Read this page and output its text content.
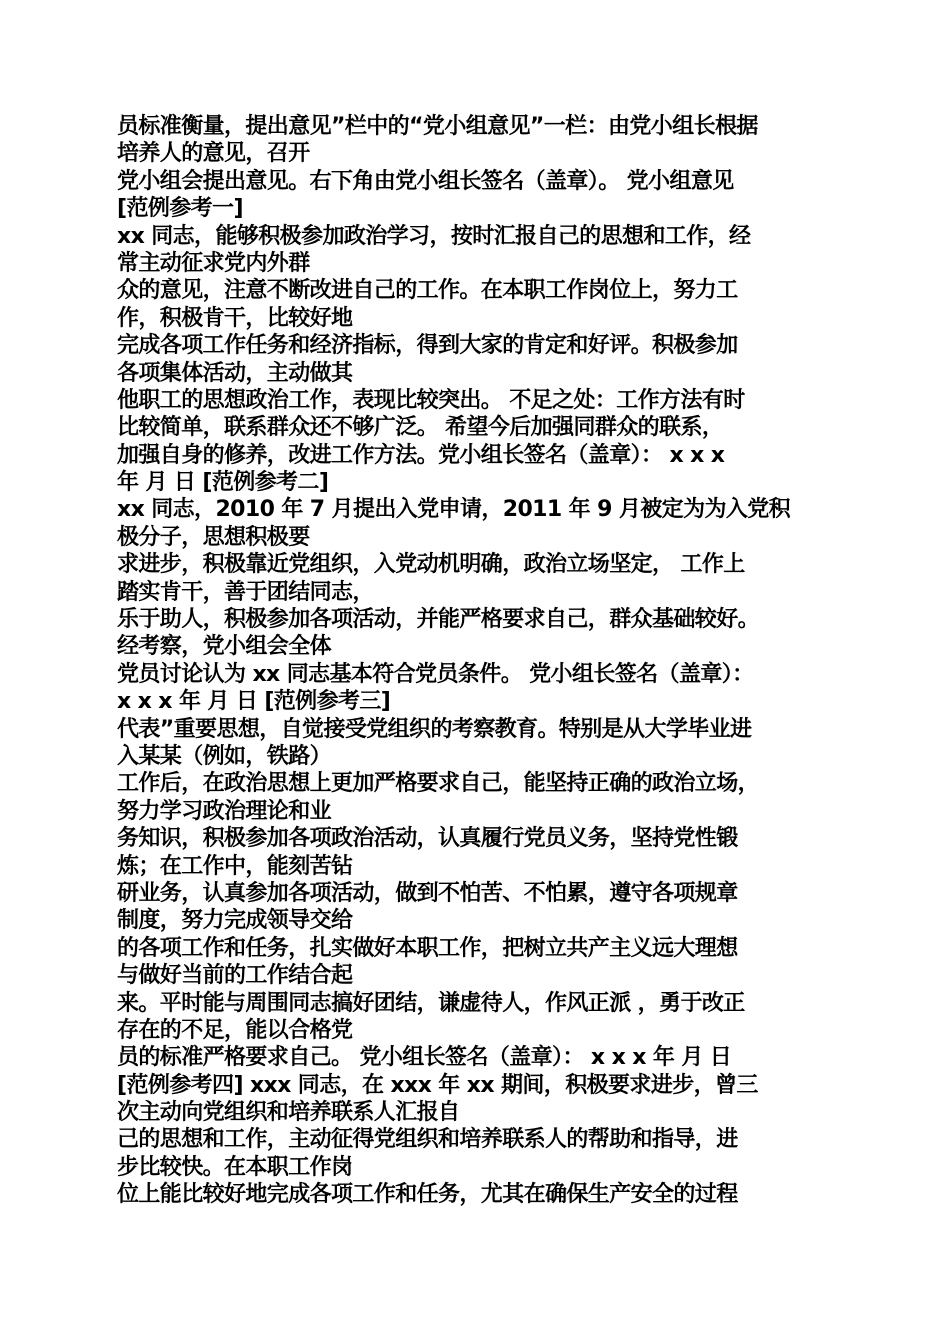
员标准衡量，提出意见”栏中的“党小组意见”一栏：由党小组长根据
培养人的意见，召开
党小组会提出意见。右下角由党小组长签名（盖章）。 党小组意见
[范例参考一]
xx 同志，能够积极参加政治学习，按时汇报自己的思想和工作，经
常主动征求党内外群
众的意见，注意不断改进自己的工作。在本职工作岗位上，努力工
作，积极肯干，比较好地
完成各项工作任务和经济指标，得到大家的肯定和好评。积极参加
各项集体活动，主动做其
他职工的思想政治工作，表现比较突出。 不足之处：工作方法有时
比较简单，联系群众还不够广泛。 希望今后加强同群众的联系，
加强自身的修养，改进工作方法。党小组长签名（盖章）： x x x
年 月 日 [范例参考二]
xx 同志，2010 年 7 月提出入党申请，2011 年 9 月被定为为入党积
极分子，思想积极要
求进步，积极靠近党组织，入党动机明确，政治立场坚定， 工作上
踏实肯干，善于团结同志，
乐于助人，积极参加各项活动，并能严格要求自己，群众基础较好。
经考察，党小组会全体
党员讨论认为 xx 同志基本符合党员条件。 党小组长签名（盖章）：
x x x 年 月 日 [范例参考三]
代表”重要思想，自觉接受党组织的考察教育。特别是从大学毕业进
入某某（例如，铁路）
工作后，在政治思想上更加严格要求自己，能坚持正确的政治立场，
努力学习政治理论和业
务知识，积极参加各项政治活动，认真履行党员义务，坚持党性锻
炼；在工作中，能刻苦钻
研业务，认真参加各项活动，做到不怕苦、不怕累，遵守各项规章
制度，努力完成领导交给
的各项工作和任务，扎实做好本职工作，把树立共产主义远大理想
与做好当前的工作结合起
来。平时能与周围同志搞好团结，谦虚待人，作风正派 ，勇于改正
存在的不足，能以合格党
员的标准严格要求自己。 党小组长签名（盖章）： x x x 年 月 日
[范例参考四] xxx 同志，在 xxx 年 xx 期间，积极要求进步，曾三
次主动向党组织和培养联系人汇报自
己的思想和工作，主动征得党组织和培养联系人的帮助和指导，进
步比较快。在本职工作岗
位上能比较好地完成各项工作和任务，尤其在确保生产安全的过程
